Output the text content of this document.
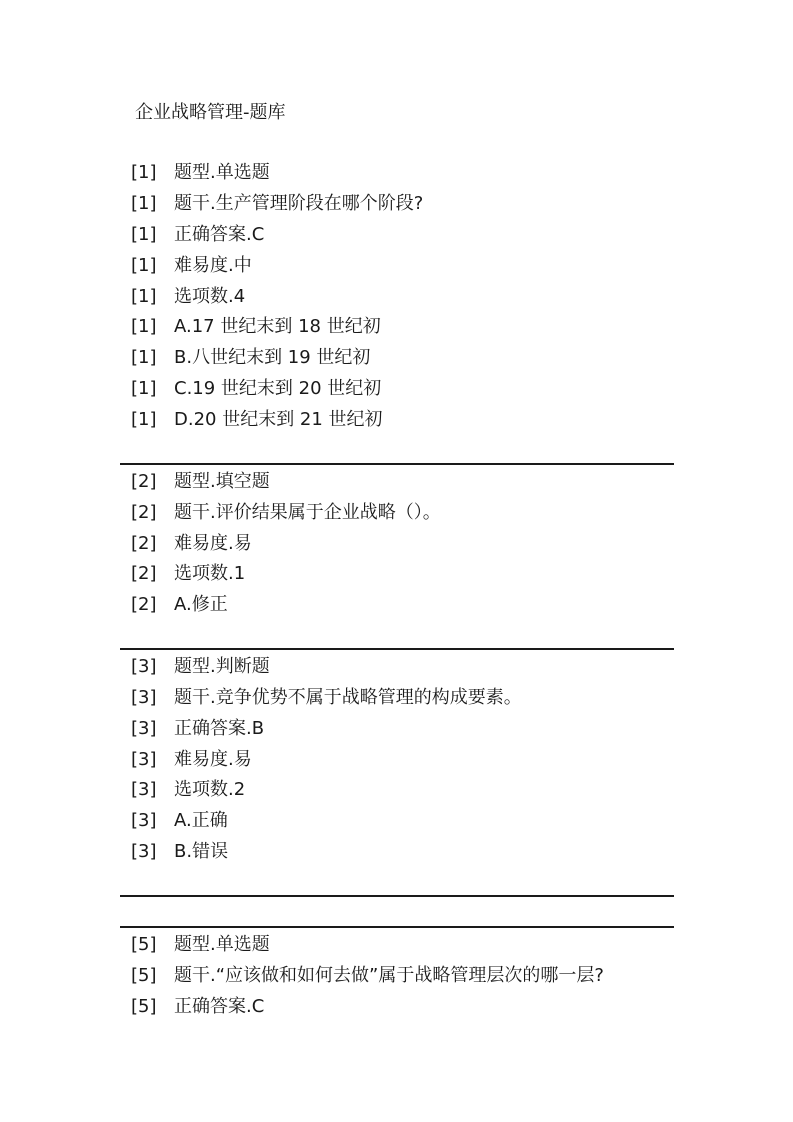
企业战略管理-题库
[1] 题型.单选题
[1] 题干.生产管理阶段在哪个阶段?
[1] 正确答案.C
[1] 难易度.中
[1] 选项数.4
[1] A.17 世纪末到 18 世纪初
[1] B.八世纪末到 19 世纪初
[1] C.19 世纪末到 20 世纪初
[1] D.20 世纪末到 21 世纪初
[2] 题型.填空题
[2] 题干.评价结果属于企业战略（）。
[2] 难易度.易
[2] 选项数.1
[2] A.修正
[3] 题型.判断题
[3] 题干.竞争优势不属于战略管理的构成要素。
[3] 正确答案.B
[3] 难易度.易
[3] 选项数.2
[3] A.正确
[3] B.错误
[5] 题型.单选题
[5] 题干.“应该做和如何去做”属于战略管理层次的哪一层?
[5] 正确答案.C
